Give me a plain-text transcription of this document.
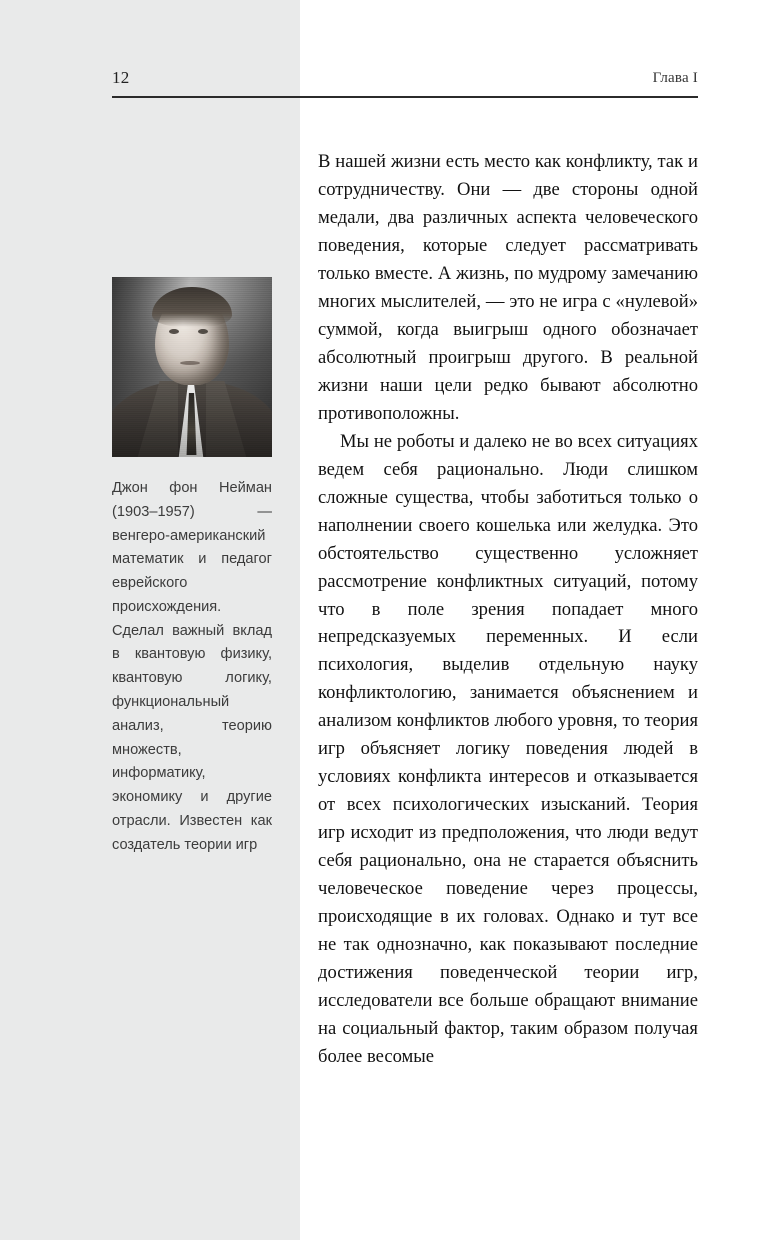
12	Глава I
Джон фон Нейман (1903–1957) — венгеро-американский математик и педагог еврейского происхождения. Сделал важный вклад в квантовую физику, квантовую логику, функциональный анализ, теорию множеств, информатику, экономику и другие отрасли. Известен как создатель теории игр

В нашей жизни есть место как конфликту, так и сотрудничеству. Они — две стороны одной медали, два различных аспекта человеческого поведения, которые следует рассматривать только вместе. А жизнь, по мудрому замечанию многих мыслителей, — это не игра с «нулевой» суммой, когда выигрыш одного обозначает абсолютный проигрыш другого. В реальной жизни наши цели редко бывают абсолютно противоположны.

Мы не роботы и далеко не во всех ситуациях ведем себя рационально. Люди слишком сложные существа, чтобы заботиться только о наполнении своего кошелька или желудка. Это обстоятельство существенно усложняет рассмотрение конфликтных ситуаций, потому что в поле зрения попадает много непредсказуемых переменных. И если психология, выделив отдельную науку конфликтологию, занимается объяснением и анализом конфликтов любого уровня, то теория игр объясняет логику поведения людей в условиях конфликта интересов и отказывается от всех психологических изысканий. Теория игр исходит из предположения, что люди ведут себя рационально, она не старается объяснить человеческое поведение через процессы, происходящие в их головах. Однако и тут все не так однозначно, как показывают последние достижения поведенческой теории игр, исследователи все больше обращают внимание на социальный фактор, таким образом получая более весомые
